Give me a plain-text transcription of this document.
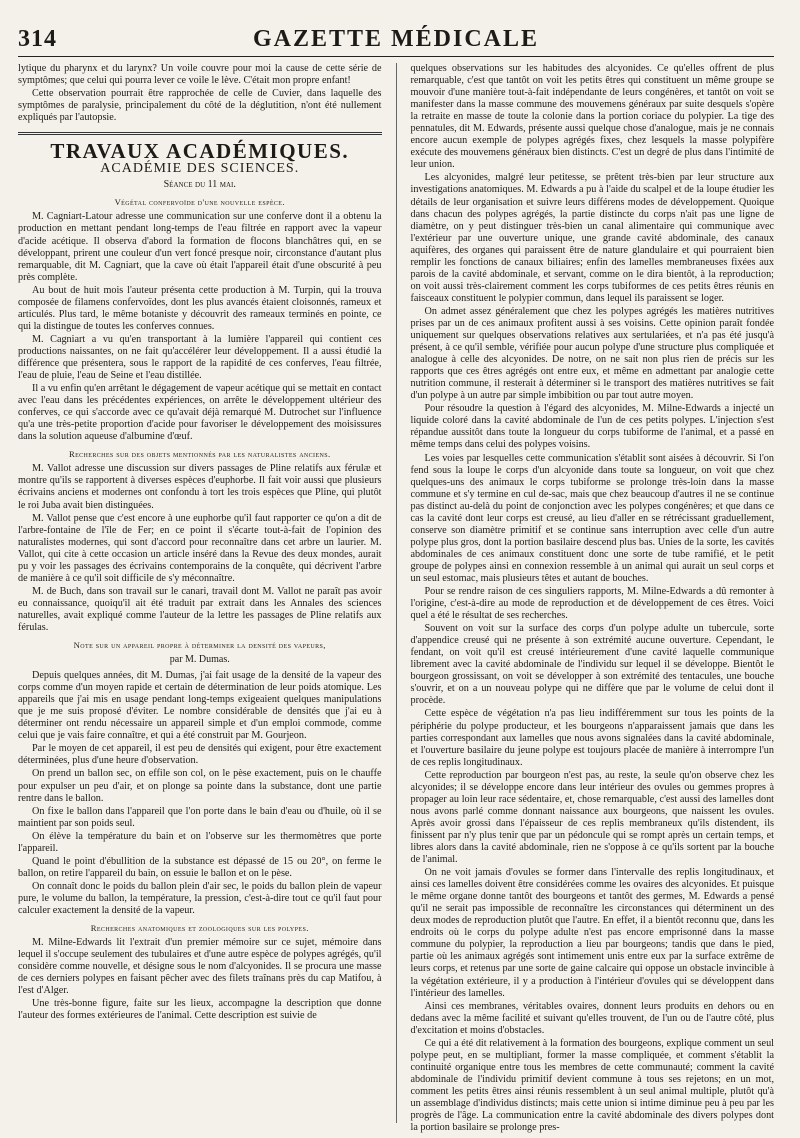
314	GAZETTE MÉDICALE

lytique du pharynx et du larynx? Un voile couvre pour moi la cause de cette série de symptômes; que celui qui pourra lever ce voile le lève. C'était mon propre enfant!

Cette observation pourrait être rapprochée de celle de Cuvier, dans laquelle des symptômes de paralysie, principalement du côté de la déglutition, n'ont été nullement expliqués par l'autopsie.

TRAVAUX ACADÉMIQUES.
ACADÉMIE DES SCIENCES.
Séance du 11 mai.
Végétal confervoïde d'une nouvelle espèce.

M. Cagniart-Latour adresse une communication sur une conferve dont il a obtenu la production en mettant pendant long-temps de l'eau filtrée en rapport avec la vapeur d'acide acétique. Il observa d'abord la formation de flocons blanchâtres qui, en se développant, prirent une couleur d'un vert foncé presque noir, circonstance d'autant plus remarquable, dit M. Cagniart, que la cave où était l'appareil était d'une obscurité à peu près complète.

Au bout de huit mois l'auteur présenta cette production à M. Turpin, qui la trouva composée de filamens confervoïdes, dont les plus avancés étaient cloisonnés, rameux et articulés. Plus tard, le même botaniste y découvrit des rameaux terminés en pointe, ce qui la distingue de toutes les conferves connues.

M. Cagniart a vu qu'en transportant à la lumière l'appareil qui contient ces productions naissantes, on ne fait qu'accélérer leur développement. Il a aussi étudié la différence que présentera, sous le rapport de la rapidité de ces conferves, l'eau filtrée, l'eau de pluie, l'eau de Seine et l'eau distillée.

Il a vu enfin qu'en arrêtant le dégagement de vapeur acétique qui se mettait en contact avec l'eau dans les précédentes expériences, on arrête le développement ultérieur des conferves, ce qui s'accorde avec ce qu'avait déjà remarqué M. Dutrochet sur l'influence qu'a une très-petite proportion d'acide pour favoriser le développement des moisissures dans la solution aqueuse d'albumine d'œuf.

Recherches sur des objets mentionnés par les naturalistes anciens.

M. Vallot adresse une discussion sur divers passages de Pline relatifs aux férulæ et montre qu'ils se rapportent à diverses espèces d'euphorbe. Il fait voir aussi que plusieurs écrivains anciens et modernes ont confondu à tort les trois espèces que Pline, qui plutôt le roi Juba avait bien distinguées.

M. Vallot pense que c'est encore à une euphorbe qu'il faut rapporter ce qu'on a dit de l'arbre-fontaine de l'île de Fer; en ce point il s'écarte tout-à-fait de l'opinion des naturalistes modernes, qui sont d'accord pour reconnaître dans cet arbre un laurier. M. Vallot, qui cite à cette occasion un article inséré dans la Revue des deux mondes, aurait pu y voir les passages des écrivains contemporains de la conquête, qui décrivent l'arbre de manière à ce qu'il soit difficile de s'y méconnaître.

M. de Buch, dans son travail sur le canari, travail dont M. Vallot ne paraît pas avoir eu connaissance, quoiqu'il ait été traduit par extrait dans les Annales des sciences naturelles, avait expliqué comme l'auteur de la lettre les passages de Pline relatifs aux férulas.

Note sur un appareil propre à déterminer la densité des vapeurs,
par M. Dumas.

Depuis quelques années, dit M. Dumas, j'ai fait usage de la densité de la vapeur des corps comme d'un moyen rapide et certain de détermination de leur poids atomique. Les appareils que j'ai mis en usage pendant long-temps exigeaient quelques manipulations que je me suis proposé d'éviter. Le nombre considérable de densités que j'ai eu à déterminer ont rendu nécessaire un appareil simple et d'un emploi commode, comme celui que je vais faire connaître, et qui a été construit par M. Gourjeon.

Par le moyen de cet appareil, il est peu de densités qui exigent, pour être exactement déterminées, plus d'une heure d'observation.

On prend un ballon sec, on effile son col, on le pèse exactement, puis on le chauffe pour expulser un peu d'air, et on plonge sa pointe dans la substance, dont une partie rentre dans le ballon.

On fixe le ballon dans l'appareil que l'on porte dans le bain d'eau ou d'huile, où il se maintient par son poids seul.

On élève la température du bain et on l'observe sur les thermomètres que porte l'appareil.

Quand le point d'ébullition de la substance est dépassé de 15 ou 20°, on ferme le ballon, on retire l'appareil du bain, on essuie le ballon et on le pèse.

On connaît donc le poids du ballon plein d'air sec, le poids du ballon plein de vapeur pure, le volume du ballon, la température, la pression, c'est-à-dire tout ce qu'il faut pour calculer exactement la densité de la vapeur.

Recherches anatomiques et zoologiques sur les polypes.

M. Milne-Edwards lit l'extrait d'un premier mémoire sur ce sujet, mémoire dans lequel il s'occupe seulement des tubulaires et d'une autre espèce de polypes agrégés, qu'il considère comme nouvelle, et désigne sous le nom d'alcyonides. Il se procura une masse de ces derniers polypes en faisant pêcher avec des filets traînans près du cap Matifou, à l'est d'Alger.

Une très-bonne figure, faite sur les lieux, accompagne la description que donne l'auteur des formes extérieures de l'animal. Cette description est suivie de

quelques observations sur les habitudes des alcyonides. Ce qu'elles offrent de plus remarquable, c'est que tantôt on voit les petits êtres qui constituent un même groupe se mouvoir d'une manière tout-à-fait indépendante de leurs congénères, et tantôt on voit se manifester dans la masse commune des mouvemens généraux par suite desquels s'opère la retraite en masse de toute la colonie dans la portion coriace du polypier. La tige des pennatules, dit M. Edwards, présente aussi quelque chose d'analogue, mais je ne connais encore aucun exemple de polypes agrégés fixes, chez lesquels la masse polypifère exécute des mouvemens généraux bien distincts. C'est un degré de plus dans l'intimité de leur union.

Les alcyonides, malgré leur petitesse, se prêtent très-bien par leur structure aux investigations anatomiques. M. Edwards a pu à l'aide du scalpel et de la loupe étudier les détails de leur organisation et suivre leurs différens modes de développement. Quoique dans chacun des polypes agrégés, la partie distincte du corps n'ait pas une ligne de diamètre, on y peut distinguer très-bien un canal alimentaire qui communique avec l'extérieur par une ouverture unique, une grande cavité abdominale, des canaux aquifères, des organes qui paraissent être de nature glandulaire et qui pourraient bien remplir les fonctions de canaux biliaires; enfin des lamelles membraneuses fixées aux parois de la cavité abdominale, et servant, comme on le dira bientôt, à la reproduction; on voit aussi très-clairement comment les corps tubiformes de ces petits êtres réunis en faisceaux constituent le polypier commun, dans lequel ils paraissent se loger.

On admet assez généralement que chez les polypes agrégés les matières nutritives prises par un de ces animaux profitent aussi à ses voisins. Cette opinion paraît fondée uniquement sur quelques observations relatives aux sertulariées, et n'a pas été jusqu'à présent, à ce qu'il semble, vérifiée pour aucun polype d'une structure plus compliquée et analogue à celle des alcyonides. De notre, on ne sait non plus rien de précis sur les rapports que ces êtres agrégés ont entre eux, et même en admettant par analogie cette nutrition commune, il resterait à déterminer si le transport des matières nutritives se fait d'un polype à un autre par simple imbibition ou par tout autre moyen.

Pour résoudre la question à l'égard des alcyonides, M. Milne-Edwards a injecté un liquide coloré dans la cavité abdominale de l'un de ces petits polypes. L'injection s'est répandue aussitôt dans toute la longueur du corps tubiforme de l'animal, et a passé en même temps dans celui des polypes voisins.

Les voies par lesquelles cette communication s'établit sont aisées à découvrir. Si l'on fend sous la loupe le corps d'un alcyonide dans toute sa longueur, on voit que chez quelques-uns des animaux le corps tubiforme se prolonge très-loin dans la masse commune et s'y termine en cul de-sac, mais que chez beaucoup d'autres il ne se continue pas distinct au-delà du point de conjonction avec les polypes congénères; et que dans ce cas la cavité dont leur corps est creusé, au lieu d'aller en se rétrécissant graduellement, conserve son diamètre primitif et se continue sans interruption avec celle d'un autre polype plus gros, dont la portion basilaire descend plus bas. Unies de la sorte, les cavités abdominales de ces animaux constituent donc une sorte de tube ramifié, et le petit groupe de polypes ainsi en connexion ressemble à un animal qui aurait un seul corps et un seul estomac, mais plusieurs têtes et autant de bouches.

Pour se rendre raison de ces singuliers rapports, M. Milne-Edwards a dû remonter à l'origine, c'est-à-dire au mode de reproduction et de développement de ces êtres. Voici quel a été le résultat de ses recherches.

Souvent on voit sur la surface des corps d'un polype adulte un tubercule, sorte d'appendice creusé qui ne présente à son extrémité aucune ouverture. Cependant, le fendant, on voit qu'il est creusé intérieurement d'une cavité laquelle communique librement avec la cavité abdominale de l'individu sur lequel il se développe. Bientôt le bourgeon grossissant, on voit se développer à son extrémité des tentacules, une bouche s'ouvrir, et on a un nouveau polype qui ne diffère que par le volume de celui dont il procède.

Cette espèce de végétation n'a pas lieu indifféremment sur tous les points de la périphérie du polype producteur, et les bourgeons n'apparaissent jamais que dans les parties correspondant aux lamelles que nous avons signalées dans la cavité abdominale, et l'ouverture basilaire du jeune polype est toujours placée de manière à interrompre l'un de ces replis longitudinaux.

Cette reproduction par bourgeon n'est pas, au reste, la seule qu'on observe chez les alcyonides; il se développe encore dans leur intérieur des ovules ou gemmes propres à propager au loin leur race sédentaire, et, chose remarquable, c'est aussi des lamelles dont nous avons parlé comme donnant naissance aux bourgeons, que naissent les ovules. Après avoir grossi dans l'épaisseur de ces replis membraneux qu'ils distendent, ils finissent par n'y plus tenir que par un pédoncule qui se rompt après un certain temps, et libres alors dans la cavité abdominale, rien ne s'oppose à ce qu'ils sortent par la bouche de l'animal.

On ne voit jamais d'ovules se former dans l'intervalle des replis longitudinaux, et ainsi ces lamelles doivent être considérées comme les ovaires des alcyonides. Et puisque le même organe donne tantôt des bourgeons et tantôt des germes, M. Edwards a pensé qu'il ne serait pas impossible de reconnaître les circonstances qui déterminent un des deux modes de reproduction plutôt que l'autre. En effet, il a bientôt reconnu que, dans les endroits où le corps du polype adulte n'est pas encore emprisonné dans la masse commune du polypier, la reproduction a lieu par bourgeons; tandis que dans le pied, partie où les animaux agrégés sont intimement unis entre eux par la surface extrême de leurs corps, et retenus par une sorte de gaine calcaire qui oppose un obstacle invincible à la végétation extérieure, il y a production à l'intérieur d'ovules qui se développent dans l'intérieur des lamelles.

Ainsi ces membranes, véritables ovaires, donnent leurs produits en dehors ou en dedans avec la même facilité et suivant qu'elles trouvent, de l'un ou de l'autre côté, plus d'excitation et moins d'obstacles.

Ce qui a été dit relativement à la formation des bourgeons, explique comment un seul polype peut, en se multipliant, former la masse compliquée, et comment s'établit la continuité organique entre tous les membres de cette communauté; comment la cavité abdominale de l'individu primitif devient commune à tous ses rejetons; en un mot, comment les petits êtres ainsi réunis ressemblent à un seul animal multiple, plutôt qu'à un assemblage d'individus distincts; mais cette union si intime diminue peu à peu par les progrès de l'âge. La communication entre la cavité abdominale des divers polypes dont la portion basilaire se prolonge pres-
